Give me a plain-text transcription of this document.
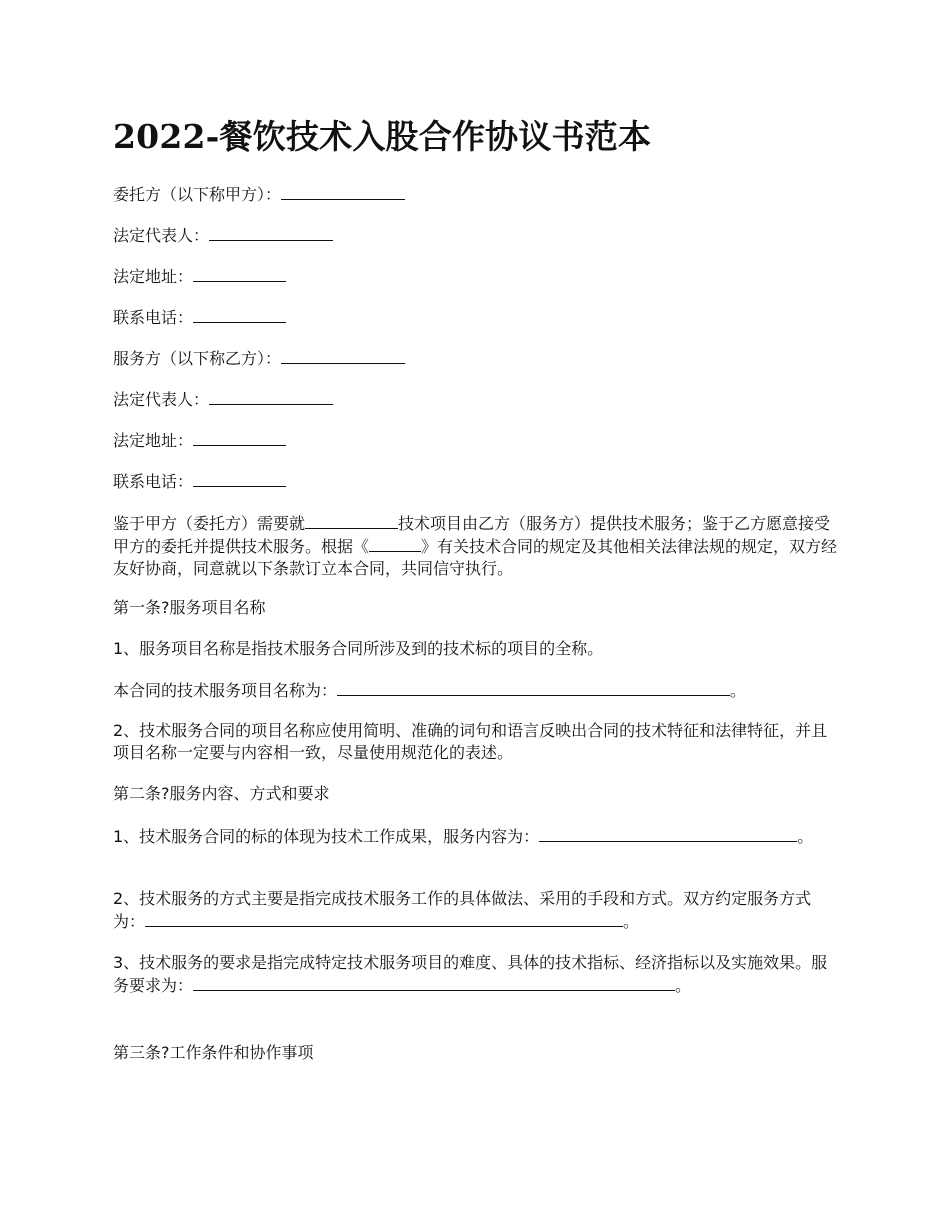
2022-餐饮技术入股合作协议书范本

委托方（以下称甲方）：

法定代表人：

法定地址：

联系电话：

服务方（以下称乙方）：

法定代表人：

法定地址：

联系电话：

鉴于甲方（委托方）需要就	技术项目由乙方（服务方）提供技术服务；鉴于乙方愿意接受甲方的委托并提供技术服务。根据《	》有关技术合同的规定及其他相关法律法规的规定，双方经友好协商，同意就以下条款订立本合同，共同信守执行。

第一条?服务项目名称

1、服务项目名称是指技术服务合同所涉及到的技术标的项目的全称。

本合同的技术服务项目名称为：	。

2、技术服务合同的项目名称应使用简明、准确的词句和语言反映出合同的技术特征和法律特征，并且项目名称一定要与内容相一致，尽量使用规范化的表述。

第二条?服务内容、方式和要求

1、技术服务合同的标的体现为技术工作成果，服务内容为：	。

2、技术服务的方式主要是指完成技术服务工作的具体做法、采用的手段和方式。双方约定服务方式为：	。

3、技术服务的要求是指完成特定技术服务项目的难度、具体的技术指标、经济指标以及实施效果。服务要求为：	。

第三条?工作条件和协作事项
